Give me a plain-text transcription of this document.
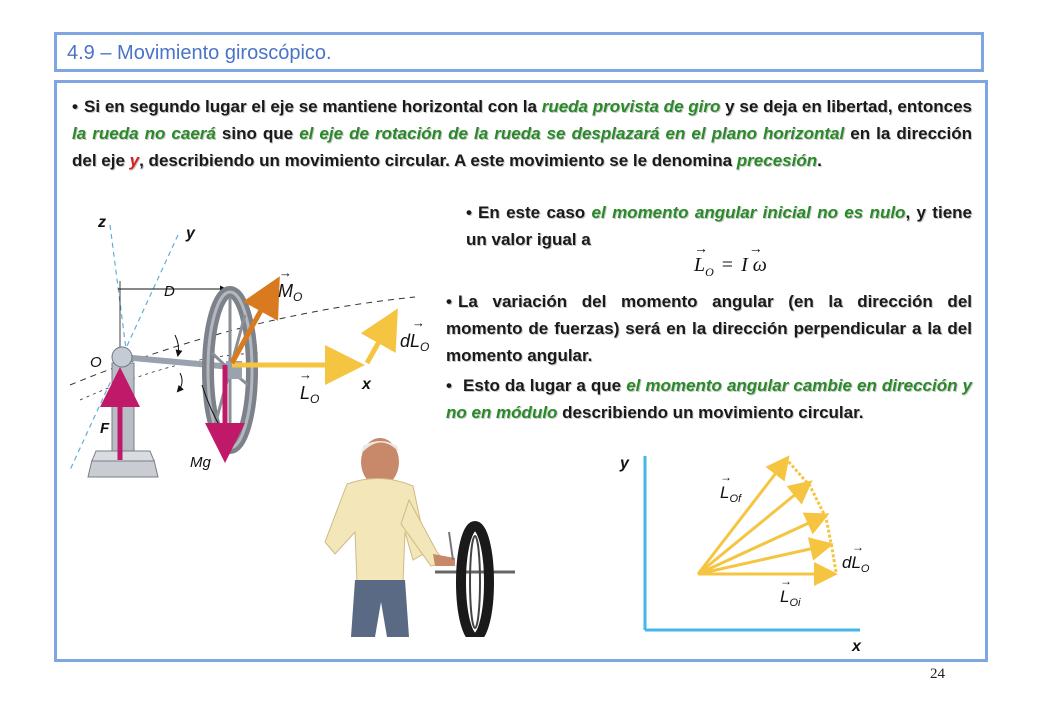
4.9 – Movimiento giroscópico.
• Si en segundo lugar el eje se mantiene horizontal con la rueda provista de giro y se deja en libertad, entonces la rueda no caerá sino que el eje de rotación de la rueda se desplazará en el plano horizontal en la dirección del eje y, describiendo un movimiento circular. A este movimiento se le denomina precesión.
• En este caso el momento angular inicial no es nulo, y tiene un valor igual a
→
$L_O = I$
→
ω
• La variación del momento angular (en la dirección del momento de fuerzas) será en la dirección perpendicular a la del momento angular.
• Esto da lugar a que el momento angular cambie en dirección y no en módulo describiendo un movimiento circular.
D
z
y
x
O
F
Mg
$M_O$
→
$L_O$
→
$dL_O$
→
y
x
$L_{Of}$
→
$L_{Oi}$
→
$dL_O$
→
24
